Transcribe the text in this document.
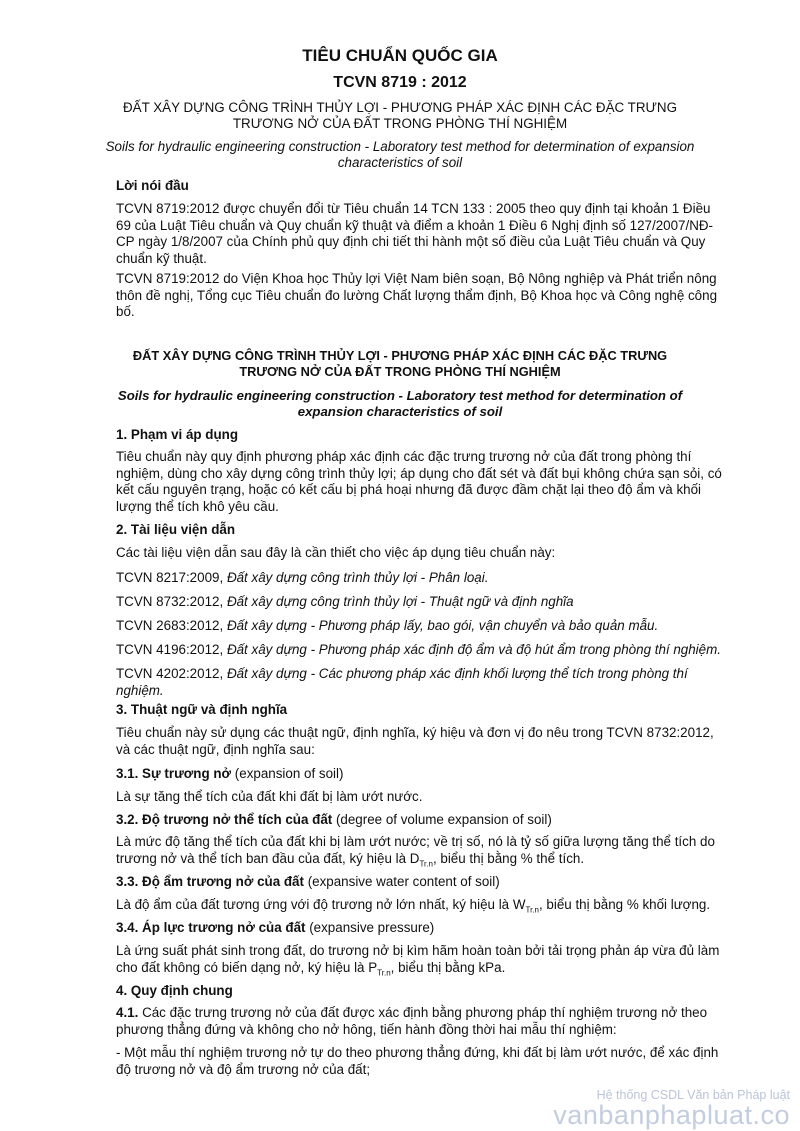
TIÊU CHUẨN QUỐC GIA
TCVN 8719 : 2012
ĐẤT XÂY DỰNG CÔNG TRÌNH THỦY LỢI - PHƯƠNG PHÁP XÁC ĐỊNH CÁC ĐẶC TRƯNG TRƯƠNG NỞ CỦA ĐẤT TRONG PHÒNG THÍ NGHIỆM
Soils for hydraulic engineering construction - Laboratory test method for determination of expansion characteristics of soil
Lời nói đầu
TCVN 8719:2012 được chuyển đổi từ Tiêu chuẩn 14 TCN 133 : 2005 theo quy định tại khoản 1 Điều 69 của Luật Tiêu chuẩn và Quy chuẩn kỹ thuật và điểm a khoản 1 Điều 6 Nghị định số 127/2007/NĐ-CP ngày 1/8/2007 của Chính phủ quy định chi tiết thi hành một số điều của Luật Tiêu chuẩn và Quy chuẩn kỹ thuật.
TCVN 8719:2012 do Viện Khoa học Thủy lợi Việt Nam biên soạn, Bộ Nông nghiệp và Phát triển nông thôn đề nghị, Tổng cục Tiêu chuẩn đo lường Chất lượng thẩm định, Bộ Khoa học và Công nghệ công bố.
ĐẤT XÂY DỰNG CÔNG TRÌNH THỦY LỢI - PHƯƠNG PHÁP XÁC ĐỊNH CÁC ĐẶC TRƯNG TRƯƠNG NỞ CỦA ĐẤT TRONG PHÒNG THÍ NGHIỆM
Soils for hydraulic engineering construction - Laboratory test method for determination of expansion characteristics of soil
1. Phạm vi áp dụng
Tiêu chuẩn này quy định phương pháp xác định các đặc trưng trương nở của đất trong phòng thí nghiệm, dùng cho xây dựng công trình thủy lợi; áp dụng cho đất sét và đất bụi không chứa sạn sỏi, có kết cấu nguyên trạng, hoặc có kết cấu bị phá hoại nhưng đã được đầm chặt lại theo độ ẩm và khối lượng thể tích khô yêu cầu.
2. Tài liệu viện dẫn
Các tài liệu viện dẫn sau đây là cần thiết cho việc áp dụng tiêu chuẩn này:
TCVN 8217:2009, Đất xây dựng công trình thủy lợi - Phân loại.
TCVN 8732:2012, Đất xây dựng công trình thủy lợi - Thuật ngữ và định nghĩa
TCVN 2683:2012, Đất xây dựng - Phương pháp lấy, bao gói, vận chuyển và bảo quản mẫu.
TCVN 4196:2012, Đất xây dựng - Phương pháp xác định độ ẩm và độ hút ẩm trong phòng thí nghiệm.
TCVN 4202:2012, Đất xây dựng - Các phương pháp xác định khối lượng thể tích trong phòng thí nghiệm.
3. Thuật ngữ và định nghĩa
Tiêu chuẩn này sử dụng các thuật ngữ, định nghĩa, ký hiệu và đơn vị đo nêu trong TCVN 8732:2012, và các thuật ngữ, định nghĩa sau:
3.1. Sự trương nở (expansion of soil)
Là sự tăng thể tích của đất khi đất bị làm ướt nước.
3.2. Độ trương nở thể tích của đất (degree of volume expansion of soil)
Là mức độ tăng thể tích của đất khi bị làm ướt nước; về trị số, nó là tỷ số giữa lượng tăng thể tích do trương nở và thể tích ban đầu của đất, ký hiệu là $D_{Tr.n}$, biểu thị bằng % thể tích.
3.3. Độ ẩm trương nở của đất (expansive water content of soil)
Là độ ẩm của đất tương ứng với độ trương nở lớn nhất, ký hiệu là $W_{Tr.n}$, biểu thị bằng % khối lượng.
3.4. Áp lực trương nở của đất (expansive pressure)
Là ứng suất phát sinh trong đất, do trương nở bị kìm hãm hoàn toàn bởi tải trọng phản áp vừa đủ làm cho đất không có biến dạng nở, ký hiệu là $P_{Tr.n}$, biểu thị bằng kPa.
4. Quy định chung
4.1. Các đặc trưng trương nở của đất được xác định bằng phương pháp thí nghiệm trương nở theo phương thẳng đứng và không cho nở hông, tiến hành đồng thời hai mẫu thí nghiệm:
- Một mẫu thí nghiệm trương nở tự do theo phương thẳng đứng, khi đất bị làm ướt nước, để xác định độ trương nở và độ ẩm trương nở của đất;
Hệ thống CSDL Văn bản Pháp luật
vanbanphapluat.co
